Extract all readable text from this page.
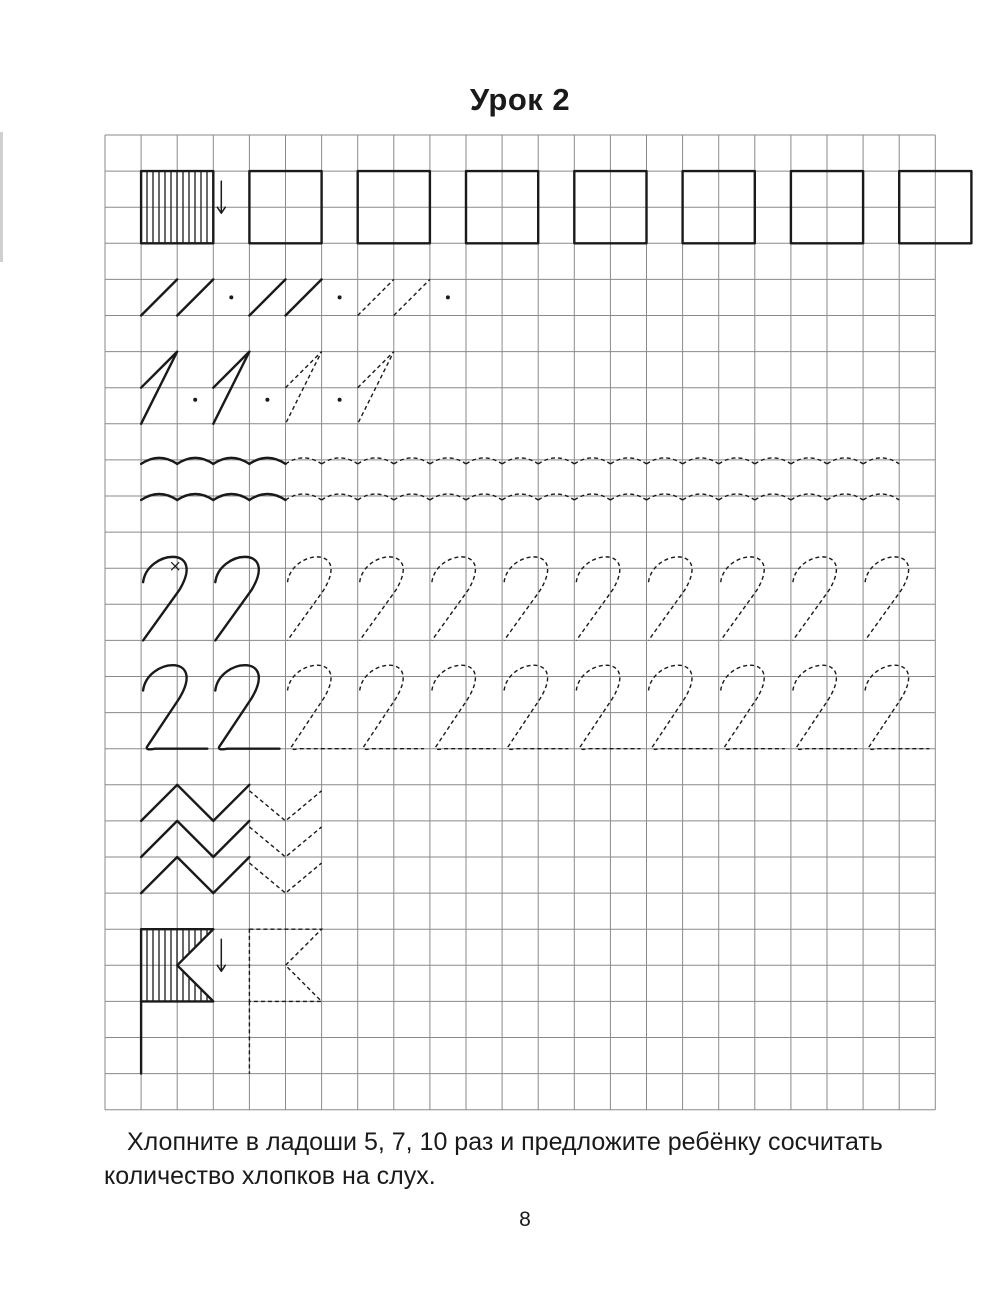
Урок 2
Хлопните в ладоши 5, 7, 10 раз и предложите ребёнку сосчитать
количество хлопков на слух.
8
